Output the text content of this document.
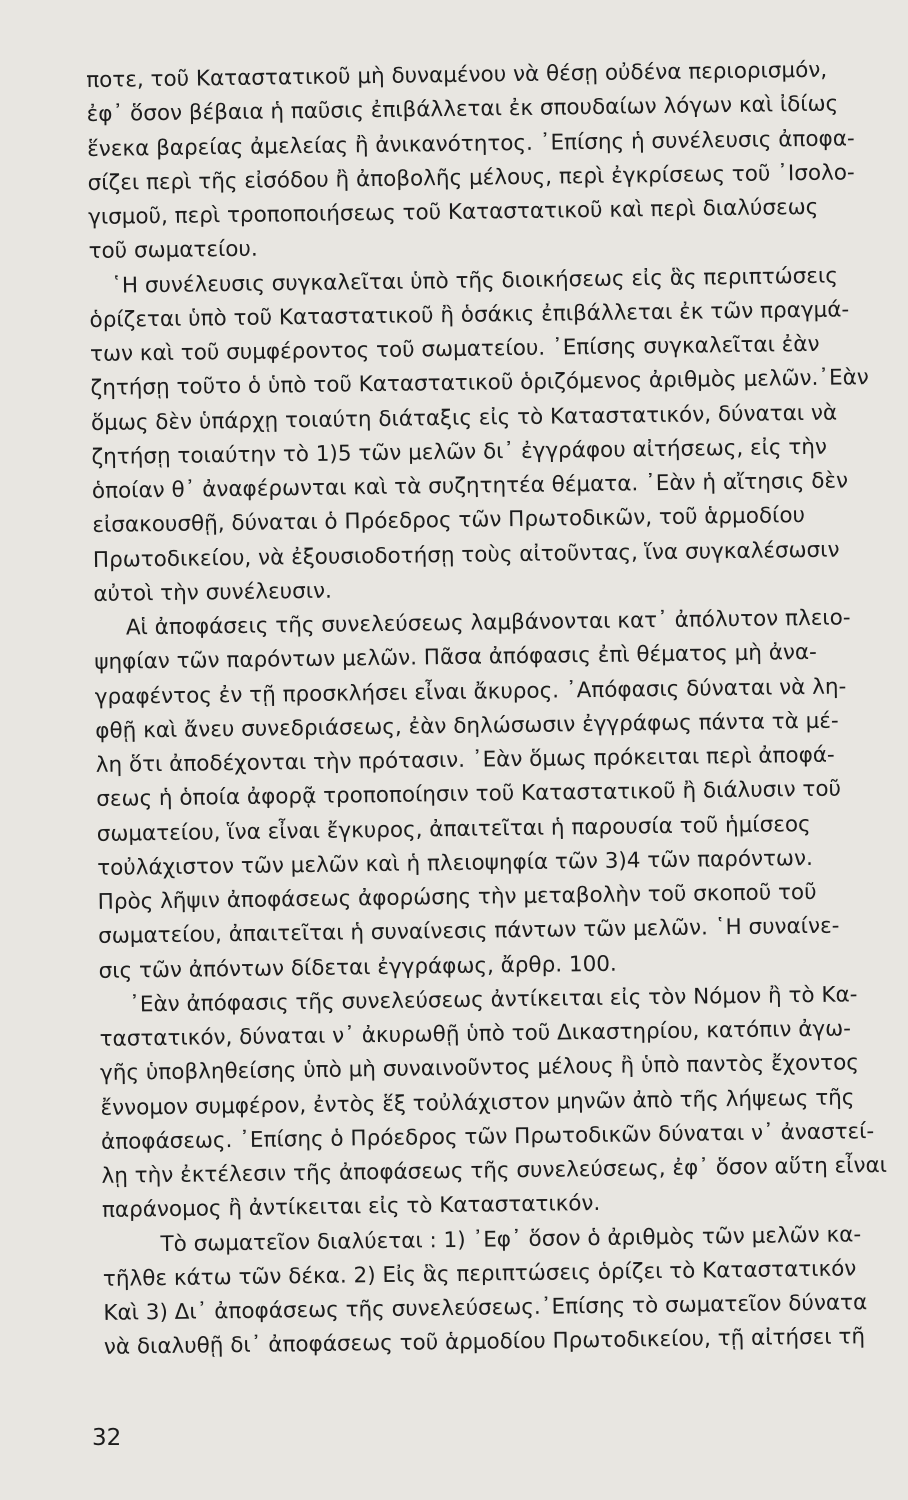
ποτε, τοῦ Καταστατικοῦ μὴ δυναμένου νὰ θέσῃ οὐδένα περιορισμόν,
ἐφ᾽ ὅσον βέβαια ἡ παῦσις ἐπιβάλλεται ἐκ σπουδαίων λόγων καὶ ἰδίως
ἕνεκα βαρείας ἀμελείας ἢ ἀνικανότητος. ᾽Επίσης ἡ συνέλευσις ἀποφα-
σίζει περὶ τῆς εἰσόδου ἢ ἀποβολῆς μέλους, περὶ ἐγκρίσεως τοῦ ᾽Ισολο-
γισμοῦ, περὶ τροποποιήσεως τοῦ Καταστατικοῦ καὶ περὶ διαλύσεως
τοῦ σωματείου.
῾Η συνέλευσις συγκαλεῖται ὑπὸ τῆς διοικήσεως εἰς ἃς περιπτώσεις
ὁρίζεται ὑπὸ τοῦ Καταστατικοῦ ἢ ὁσάκις ἐπιβάλλεται ἐκ τῶν πραγμά-
των καὶ τοῦ συμφέροντος τοῦ σωματείου. ᾽Επίσης συγκαλεῖται ἐὰν
ζητήσῃ τοῦτο ὁ ὑπὸ τοῦ Καταστατικοῦ ὁριζόμενος ἀριθμὸς μελῶν.᾽Εὰν
ὅμως δὲν ὑπάρχῃ τοιαύτη διάταξις εἰς τὸ Καταστατικόν, δύναται νὰ
ζητήσῃ τοιαύτην τὸ 1)5 τῶν μελῶν δι᾽ ἐγγράφου αἰτήσεως, εἰς τὴν
ὁποίαν θ᾽ ἀναφέρωνται καὶ τὰ συζητητέα θέματα. ᾽Εὰν ἡ αἴτησις δὲν
εἰσακουσθῇ, δύναται ὁ Πρόεδρος τῶν Πρωτοδικῶν, τοῦ ἁρμοδίου
Πρωτοδικείου, νὰ ἐξουσιοδοτήσῃ τοὺς αἰτοῦντας, ἵνα συγκαλέσωσιν
αὐτοὶ τὴν συνέλευσιν.
Αἱ ἀποφάσεις τῆς συνελεύσεως λαμβάνονται κατ᾽ ἀπόλυτον πλειο-
ψηφίαν τῶν παρόντων μελῶν. Πᾶσα ἀπόφασις ἐπὶ θέματος μὴ ἀνα-
γραφέντος ἐν τῇ προσκλήσει εἶναι ἄκυρος. ᾽Απόφασις δύναται νὰ λη-
φθῇ καὶ ἄνευ συνεδριάσεως, ἐὰν δηλώσωσιν ἐγγράφως πάντα τὰ μέ-
λη ὅτι ἀποδέχονται τὴν πρότασιν. ᾽Εὰν ὅμως πρόκειται περὶ ἀποφά-
σεως ἡ ὁποία ἀφορᾷ τροποποίησιν τοῦ Καταστατικοῦ ἢ διάλυσιν τοῦ
σωματείου, ἵνα εἶναι ἔγκυρος, ἀπαιτεῖται ἡ παρουσία τοῦ ἡμίσεος
τοὐλάχιστον τῶν μελῶν καὶ ἡ πλειοψηφία τῶν 3)4 τῶν παρόντων.
Πρὸς λῆψιν ἀποφάσεως ἀφορώσης τὴν μεταβολὴν τοῦ σκοποῦ τοῦ
σωματείου, ἀπαιτεῖται ἡ συναίνεσις πάντων τῶν μελῶν. ῾Η συναίνε-
σις τῶν ἀπόντων δίδεται ἐγγράφως, ἄρθρ. 100.
᾽Εὰν ἀπόφασις τῆς συνελεύσεως ἀντίκειται εἰς τὸν Νόμον ἢ τὸ Κα-
ταστατικόν, δύναται ν᾽ ἀκυρωθῇ ὑπὸ τοῦ Δικαστηρίου, κατόπιν ἀγω-
γῆς ὑποβληθείσης ὑπὸ μὴ συναινοῦντος μέλους ἢ ὑπὸ παντὸς ἔχοντος
ἔννομον συμφέρον, ἐντὸς ἕξ τοὐλάχιστον μηνῶν ἀπὸ τῆς λήψεως τῆς
ἀποφάσεως. ᾽Επίσης ὁ Πρόεδρος τῶν Πρωτοδικῶν δύναται ν᾽ ἀναστεί-
λῃ τὴν ἐκτέλεσιν τῆς ἀποφάσεως τῆς συνελεύσεως, ἐφ᾽ ὅσον αὕτη εἶναι
παράνομος ἢ ἀντίκειται εἰς τὸ Καταστατικόν.
Τὸ σωματεῖον διαλύεται : 1) ᾽Εφ᾽ ὅσον ὁ ἀριθμὸς τῶν μελῶν κα-
τῆλθε κάτω τῶν δέκα. 2) Εἰς ἃς περιπτώσεις ὁρίζει τὸ Καταστατικόν
Καὶ 3) Δι᾽ ἀποφάσεως τῆς συνελεύσεως.᾽Επίσης τὸ σωματεῖον δύνατα
νὰ διαλυθῇ δι᾽ ἀποφάσεως τοῦ ἁρμοδίου Πρωτοδικείου, τῇ αἰτήσει τῆ
32
